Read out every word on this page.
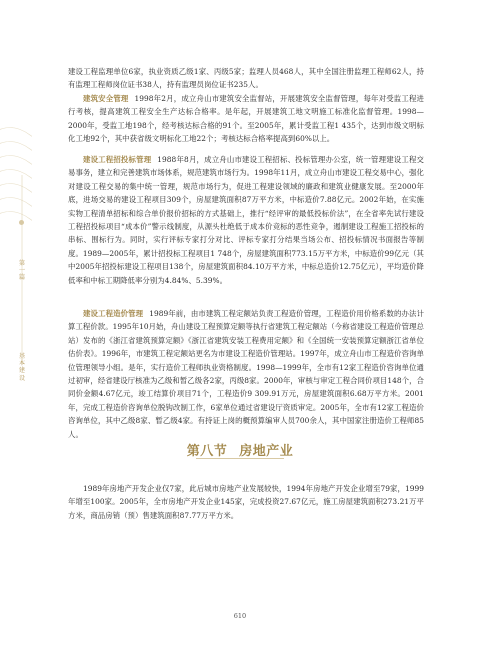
第一篇
基本建设

建设工程监理单位6家，执业资质乙级1家、丙级5家；监理人员468人，其中全国注册监理工程师62人，持有监理工程师岗位证书38人，持有监理员岗位证书235人。

建筑安全管理 1998年2月，成立舟山市建筑安全监督站，开展建筑安全监督管理，每年对受监工程进行考核，提高建筑工程安全生产达标合格率。是年起，开展建筑工地文明施工标准化监督管理。1998—2000年，受监工地198个，经考核达标合格的91个。至2005年，累计受监工程1 435个，达到市级文明标化工地92个，其中获省级文明标化工地22个；考核达标合格率提高到60%以上。

建设工程招投标管理 1988年8月，成立舟山市建设工程招标、投标管理办公室，统一管理建设工程交易事务，建立和完善建筑市场体系，规范建筑市场行为。1998年11月，成立舟山市建设工程交易中心，强化对建设工程交易的集中统一管理，规范市场行为，促进工程建设领域的廉政和建筑业健康发展。至2000年底，进场交易的建设工程项目309个，房屋建筑面积87万平方米，中标造价7.88亿元。2002年始，在实施实物工程清单招标和综合单价报价招标的方式基础上，推行“经评审的最低投标价法”，在全省率先试行建设工程招投标项目“成本价”警示线制度，从源头杜绝低于成本价竞标的恶性竞争，遏制建设工程施工招投标的串标、围标行为。同时，实行评标专家打分对比、评标专家打分结果当场公布、招投标情况书面报告等制度。1989—2005年，累计招投标工程项目1 748个，房屋建筑面积773.15万平方米，中标造价99亿元（其中2005年招投标建设工程项目138个，房屋建筑面积84.10万平方米，中标总造价12.75亿元），平均造价降低率和中标工期降低率分别为4.84%、5.39%。

建设工程造价管理 1989年前，由市建筑工程定额站负责工程造价管理，工程造价用价格系数的办法计算工程价款。1995年10月始，舟山建设工程预算定额等执行省建筑工程定额站（今称省建设工程造价管理总站）发布的《浙江省建筑预算定额》《浙江省建筑安装工程费用定额》和《全国统一安装预算定额浙江省单位估价表》。1996年，市建筑工程定额站更名为市建设工程造价管理站。1997年，成立舟山市工程造价咨询单位管理领导小组。是年，实行造价工程师执业资格制度。1998—1999年，全市有12家工程造价咨询单位通过初审，经省建设厅核准为乙级和暂乙级各2家，丙级8家。2000年，审核与审定工程合同价项目148个，合同价金额4.67亿元，竣工结算价项目71个，工程造价9 309.91万元，房屋建筑面积6.68万平方米。2001年，完成工程造价咨询单位脱钩改制工作，6家单位通过省建设厅资质审定。2005年，全市有12家工程造价咨询单位，其中乙级8家、暂乙级4家。有持证上岗的概预算编审人员700余人，其中国家注册造价工程师85人。

第八节 房地产业

1989年房地产开发企业仅7家，此后城市房地产业发展较快，1994年房地产开发企业增至79家，1999年增至100家。2005年，全市房地产开发企业145家，完成投资27.67亿元，施工房屋建筑面积273.21万平方米，商品房销（预）售建筑面积87.77万平方米。

610
